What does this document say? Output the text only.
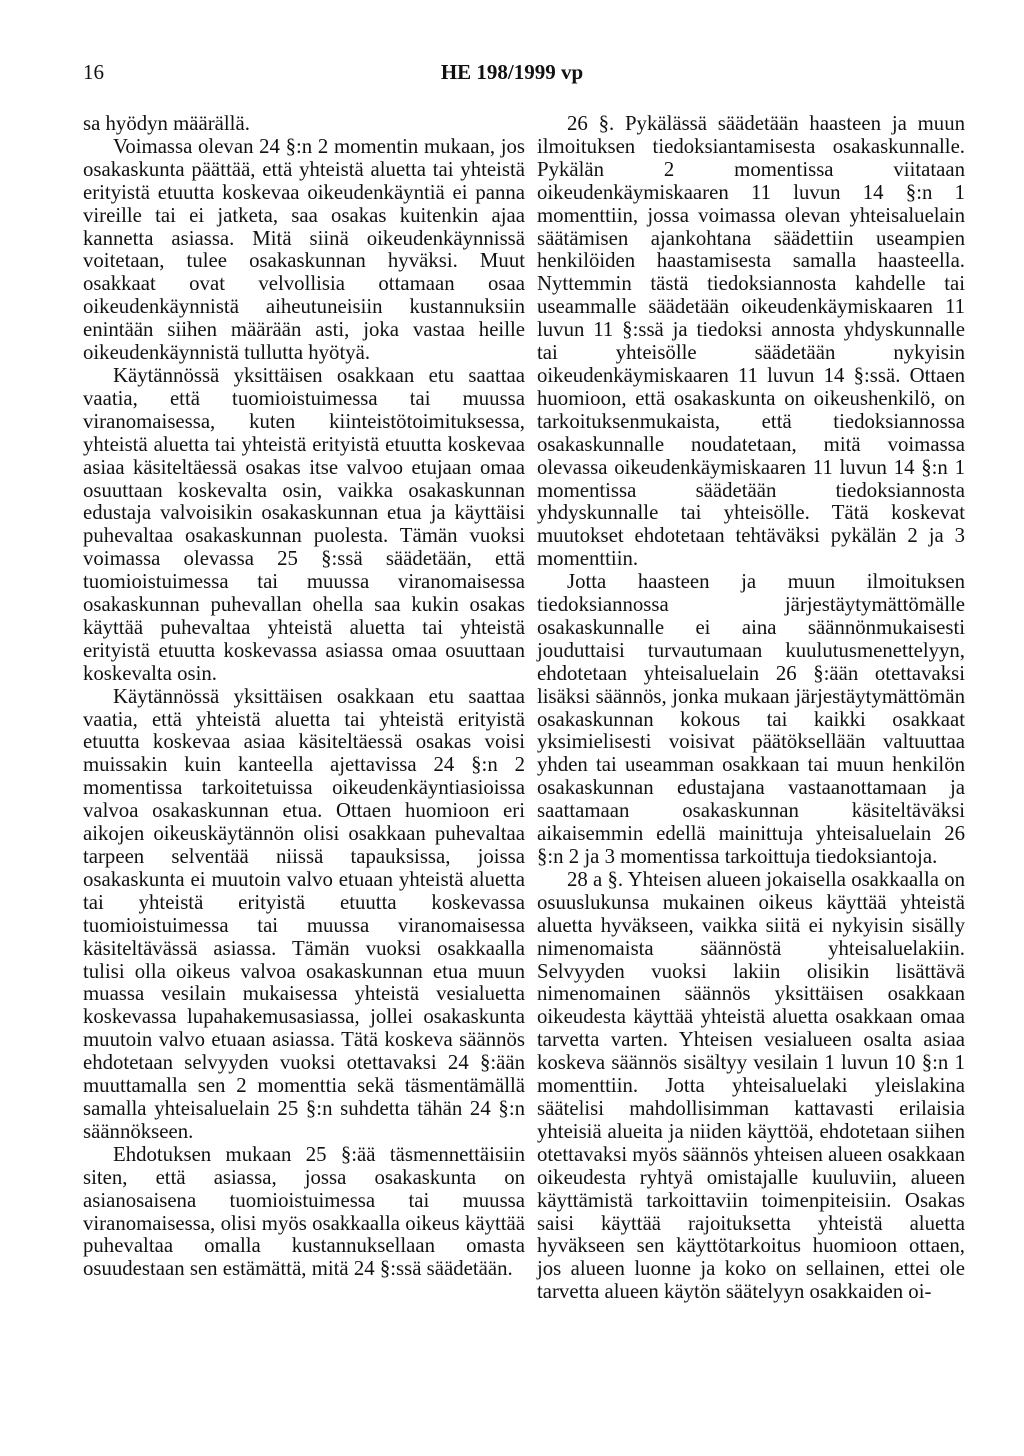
16	HE 198/1999 vp

sa hyödyn määrällä.

Voimassa olevan 24 §:n 2 momentin mukaan, jos osakaskunta päättää, että yhteistä aluetta tai yhteistä erityistä etuutta koskevaa oikeudenkäyntiä ei panna vireille tai ei jatketa, saa osakas kuitenkin ajaa kannetta asiassa. Mitä siinä oikeudenkäynnissä voitetaan, tulee osakaskunnan hyväksi. Muut osakkaat ovat velvollisia ottamaan osaa oikeudenkäynnistä aiheutuneisiin kustannuksiin enintään siihen määrään asti, joka vastaa heille oikeudenkäynnistä tullutta hyötyä.

Käytännössä yksittäisen osakkaan etu saattaa vaatia, että tuomioistuimessa tai muussa viranomaisessa, kuten kiinteistötoimituksessa, yhteistä aluetta tai yhteistä erityistä etuutta koskevaa asiaa käsiteltäessä osakas itse valvoo etujaan omaa osuuttaan koskevalta osin, vaikka osakaskunnan edustaja valvoisikin osakaskunnan etua ja käyttäisi puhevaltaa osakaskunnan puolesta. Tämän vuoksi voimassa olevassa 25 §:ssä säädetään, että tuomioistuimessa tai muussa viranomaisessa osakaskunnan puhevallan ohella saa kukin osakas käyttää puhevaltaa yhteistä aluetta tai yhteistä erityistä etuutta koskevassa asiassa omaa osuuttaan koskevalta osin.

Käytännössä yksittäisen osakkaan etu saattaa vaatia, että yhteistä aluetta tai yhteistä erityistä etuutta koskevaa asiaa käsiteltäessä osakas voisi muissakin kuin kanteella ajettavissa 24 §:n 2 momentissa tarkoitetuissa oikeudenkäyntiasioissa valvoa osakaskunnan etua. Ottaen huomioon eri aikojen oikeuskäytännön olisi osakkaan puhevaltaa tarpeen selventää niissä tapauksissa, joissa osakaskunta ei muutoin valvo etuaan yhteistä aluetta tai yhteistä erityistä etuutta koskevassa tuomioistuimessa tai muussa viranomaisessa käsiteltävässä asiassa. Tämän vuoksi osakkaalla tulisi olla oikeus valvoa osakaskunnan etua muun muassa vesilain mukaisessa yhteistä vesialuetta koskevassa lupahakemusasiassa, jollei osakaskunta muutoin valvo etuaan asiassa. Tätä koskeva säännös ehdotetaan selvyyden vuoksi otettavaksi 24 §:ään muuttamalla sen 2 momenttia sekä täsmentämällä samalla yhteisaluelain 25 §:n suhdetta tähän 24 §:n säännökseen.

Ehdotuksen mukaan 25 §:ää täsmennettäisiin siten, että asiassa, jossa osakaskunta on asianosaisena tuomioistuimessa tai muussa viranomaisessa, olisi myös osakkaalla oikeus käyttää puhevaltaa omalla kustannuksellaan omasta osuudestaan sen estämättä, mitä 24 §:ssä säädetään.

26 §. Pykälässä säädetään haasteen ja muun ilmoituksen tiedoksiantamisesta osakaskunnalle. Pykälän 2 momentissa viitataan oikeudenkäymiskaaren 11 luvun 14 §:n 1 momenttiin, jossa voimassa olevan yhteisaluelain säätämisen ajankohtana säädettiin useampien henkilöiden haastamisesta samalla haasteella. Nyttemmin tästä tiedoksiannosta kahdelle tai useammalle säädetään oikeudenkäymiskaaren 11 luvun 11 §:ssä ja tiedoksi annosta yhdyskunnalle tai yhteisölle säädetään nykyisin oikeudenkäymiskaaren 11 luvun 14 §:ssä. Ottaen huomioon, että osakaskunta on oikeushenkilö, on tarkoituksenmukaista, että tiedoksiannossa osakaskunnalle noudatetaan, mitä voimassa olevassa oikeudenkäymiskaaren 11 luvun 14 §:n 1 momentissa säädetään tiedoksiannosta yhdyskunnalle tai yhteisölle. Tätä koskevat muutokset ehdotetaan tehtäväksi pykälän 2 ja 3 momenttiin.

Jotta haasteen ja muun ilmoituksen tiedoksiannossa järjestäytymättömälle osakaskunnalle ei aina säännönmukaisesti jouduttaisi turvautumaan kuulutusmenettelyyn, ehdotetaan yhteisaluelain 26 §:ään otettavaksi lisäksi säännös, jonka mukaan järjestäytymättömän osakaskunnan kokous tai kaikki osakkaat yksimielisesti voisivat päätöksellään valtuuttaa yhden tai useamman osakkaan tai muun henkilön osakaskunnan edustajana vastaanottamaan ja saattamaan osakaskunnan käsiteltäväksi aikaisemmin edellä mainittuja yhteisaluelain 26 §:n 2 ja 3 momentissa tarkoittuja tiedoksiantoja.

28 a §. Yhteisen alueen jokaisella osakkaalla on osuuslukunsa mukainen oikeus käyttää yhteistä aluetta hyväkseen, vaikka siitä ei nykyisin sisälly nimenomaista säännöstä yhteisaluelakiin. Selvyyden vuoksi lakiin olisikin lisättävä nimenomainen säännös yksittäisen osakkaan oikeudesta käyttää yhteistä aluetta osakkaan omaa tarvetta varten. Yhteisen vesialueen osalta asiaa koskeva säännös sisältyy vesilain 1 luvun 10 §:n 1 momenttiin. Jotta yhteisaluelaki yleislakina säätelisi mahdollisimman kattavasti erilaisia yhteisiä alueita ja niiden käyttöä, ehdotetaan siihen otettavaksi myös säännös yhteisen alueen osakkaan oikeudesta ryhtyä omistajalle kuuluviin, alueen käyttämistä tarkoittaviin toimenpiteisiin. Osakas saisi käyttää rajoituksetta yhteistä aluetta hyväkseen sen käyttötarkoitus huomioon ottaen, jos alueen luonne ja koko on sellainen, ettei ole tarvetta alueen käytön säätelyyn osakkaiden oi-
